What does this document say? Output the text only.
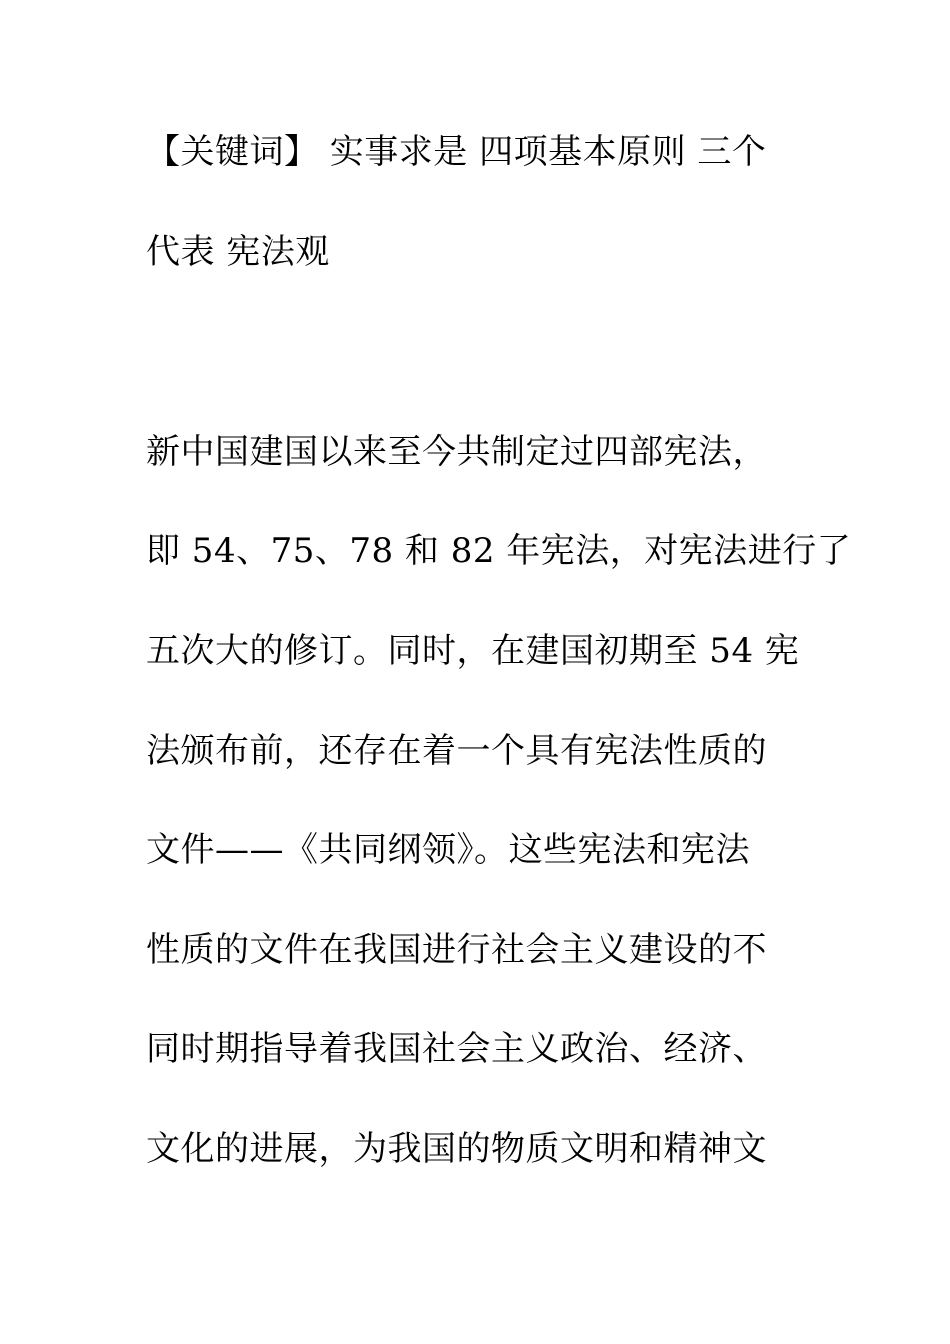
【关键词】 实事求是 四项基本原则 三个
代表 宪法观
新中国建国以来至今共制定过四部宪法，
即 54、75、78 和 82 年宪法，对宪法进行了
五次大的修订。同时，在建国初期至 54 宪
法颁布前，还存在着一个具有宪法性质的
文件——《共同纲领》。这些宪法和宪法
性质的文件在我国进行社会主义建设的不
同时期指导着我国社会主义政治、经济、
文化的进展，为我国的物质文明和精神文
